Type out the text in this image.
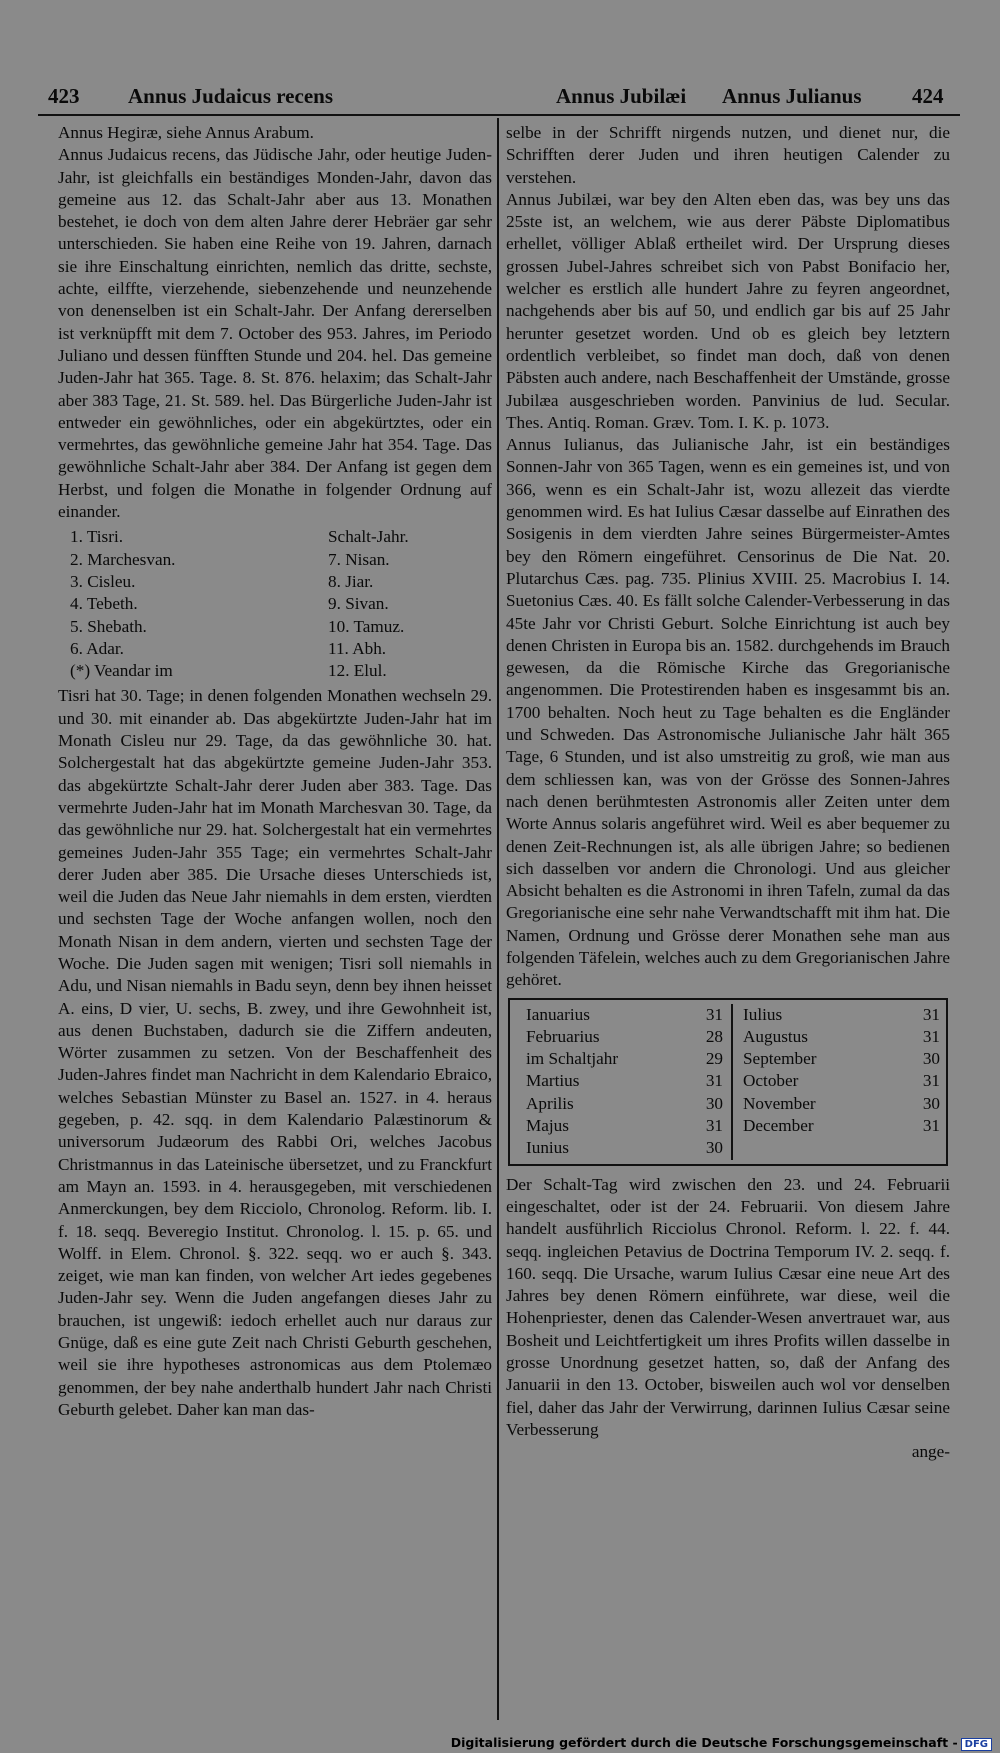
423 Annus Judaicus recens	Annus Jubilæi Annus Julianus 424

Annus Hegiræ, siehe Annus Arabum.

Annus Judaicus recens, das Jüdische Jahr, oder heutige Juden-Jahr, ist gleichfalls ein beständiges Monden-Jahr, davon das gemeine aus 12. das Schalt-Jahr aber aus 13. Monathen bestehet, ie doch von dem alten Jahre derer Hebräer gar sehr unterschieden. Sie haben eine Reihe von 19. Jahren, darnach sie ihre Einschaltung einrichten, nemlich das dritte, sechste, achte, eilffte, vierzehende, siebenzehende und neunzehende von denenselben ist ein Schalt-Jahr. Der Anfang dererselben ist verknüpfft mit dem 7. October des 953. Jahres, im Periodo Juliano und dessen fünfften Stunde und 204. hel. Das gemeine Juden-Jahr hat 365. Tage. 8. St. 876. helaxim; das Schalt-Jahr aber 383 Tage, 21. St. 589. hel. Das Bürgerliche Juden-Jahr ist entweder ein gewöhnliches, oder ein abgekürtztes, oder ein vermehrtes, das gewöhnliche gemeine Jahr hat 354. Tage. Das gewöhnliche Schalt-Jahr aber 384. Der Anfang ist gegen dem Herbst, und folgen die Monathe in folgender Ordnung auf einander.

1. Tisri.	Schalt-Jahr.
2. Marchesvan.	7. Nisan.
3. Cisleu.	8. Jiar.
4. Tebeth.	9. Sivan.
5. Shebath.	10. Tamuz.
6. Adar.	11. Abh.
(*) Veandar im	12. Elul.

Tisri hat 30. Tage; in denen folgenden Monathen wechseln 29. und 30. mit einander ab. Das abgekürtzte Juden-Jahr hat im Monath Cisleu nur 29. Tage, da das gewöhnliche 30. hat. Solchergestalt hat das abgekürtzte gemeine Juden-Jahr 353. das abgekürtzte Schalt-Jahr derer Juden aber 383. Tage. Das vermehrte Juden-Jahr hat im Monath Marchesvan 30. Tage, da das gewöhnliche nur 29. hat. Solchergestalt hat ein vermehrtes gemeines Juden-Jahr 355 Tage; ein vermehrtes Schalt-Jahr derer Juden aber 385. Die Ursache dieses Unterschieds ist, weil die Juden das Neue Jahr niemahls in dem ersten, vierdten und sechsten Tage der Woche anfangen wollen, noch den Monath Nisan in dem andern, vierten und sechsten Tage der Woche. Die Juden sagen mit wenigen; Tisri soll niemahls in Adu, und Nisan niemahls in Badu seyn, denn bey ihnen heisset A. eins, D vier, U. sechs, B. zwey, und ihre Gewohnheit ist, aus denen Buchstaben, dadurch sie die Ziffern andeuten, Wörter zusammen zu setzen. Von der Beschaffenheit des Juden-Jahres findet man Nachricht in dem Kalendario Ebraico, welches Sebastian Münster zu Basel an. 1527. in 4. heraus gegeben, p. 42. sqq. in dem Kalendario Palæstinorum & universorum Judæorum des Rabbi Ori, welches Jacobus Christmannus in das Lateinische übersetzet, und zu Franckfurt am Mayn an. 1593. in 4. herausgegeben, mit verschiedenen Anmerckungen, bey dem Ricciolo, Chronolog. Reform. lib. I. f. 18. seqq. Beveregio Institut. Chronolog. l. 15. p. 65. und Wolff. in Elem. Chronol. §. 322. seqq. wo er auch §. 343. zeiget, wie man kan finden, von welcher Art iedes gegebenes Juden-Jahr sey. Wenn die Juden angefangen dieses Jahr zu brauchen, ist ungewiß: iedoch erhellet auch nur daraus zur Gnüge, daß es eine gute Zeit nach Christi Geburth geschehen, weil sie ihre hypotheses astronomicas aus dem Ptolemæo genommen, der bey nahe anderthalb hundert Jahr nach Christi Geburth gelebet. Daher kan man das-

selbe in der Schrifft nirgends nutzen, und dienet nur, die Schrifften derer Juden und ihren heutigen Calender zu verstehen.

Annus Jubilæi, war bey den Alten eben das, was bey uns das 25ste ist, an welchem, wie aus derer Päbste Diplomatibus erhellet, völliger Ablaß ertheilet wird. Der Ursprung dieses grossen Jubel-Jahres schreibet sich von Pabst Bonifacio her, welcher es erstlich alle hundert Jahre zu feyren angeordnet, nachgehends aber bis auf 50, und endlich gar bis auf 25 Jahr herunter gesetzet worden. Und ob es gleich bey letztern ordentlich verbleibet, so findet man doch, daß von denen Päbsten auch andere, nach Beschaffenheit der Umstände, grosse Jubilæa ausgeschrieben worden. Panvinius de lud. Secular. Thes. Antiq. Roman. Græv. Tom. I. K. p. 1073.

Annus Iulianus, das Julianische Jahr, ist ein beständiges Sonnen-Jahr von 365 Tagen, wenn es ein gemeines ist, und von 366, wenn es ein Schalt-Jahr ist, wozu allezeit das vierdte genommen wird. Es hat Iulius Cæsar dasselbe auf Einrathen des Sosigenis in dem vierdten Jahre seines Bürgermeister-Amtes bey den Römern eingeführet. Censorinus de Die Nat. 20. Plutarchus Cæs. pag. 735. Plinius XVIII. 25. Macrobius I. 14. Suetonius Cæs. 40. Es fällt solche Calender-Verbesserung in das 45te Jahr vor Christi Geburt. Solche Einrichtung ist auch bey denen Christen in Europa bis an. 1582. durchgehends im Brauch gewesen, da die Römische Kirche das Gregorianische angenommen. Die Protestirenden haben es insgesammt bis an. 1700 behalten. Noch heut zu Tage behalten es die Engländer und Schweden. Das Astronomische Julianische Jahr hält 365 Tage, 6 Stunden, und ist also umstreitig zu groß, wie man aus dem schliessen kan, was von der Grösse des Sonnen-Jahres nach denen berühmtesten Astronomis aller Zeiten unter dem Worte Annus solaris angeführet wird. Weil es aber bequemer zu denen Zeit-Rechnungen ist, als alle übrigen Jahre; so bedienen sich dasselben vor andern die Chronologi. Und aus gleicher Absicht behalten es die Astronomi in ihren Tafeln, zumal da das Gregorianische eine sehr nahe Verwandtschafft mit ihm hat. Die Namen, Ordnung und Grösse derer Monathen sehe man aus folgenden Täfelein, welches auch zu dem Gregorianischen Jahre gehöret.

Ianuarius	31
Februarius	28
im Schaltjahr	29
Martius	31
Aprilis	30
Majus	31
Iunius	30
Iulius	31
Augustus	31
September	30
October	31
November	30
December	31

Der Schalt-Tag wird zwischen den 23. und 24. Februarii eingeschaltet, oder ist der 24. Februarii. Von diesem Jahre handelt ausführlich Ricciolus Chronol. Reform. l. 22. f. 44. seqq. ingleichen Petavius de Doctrina Temporum IV. 2. seqq. f. 160. seqq. Die Ursache, warum Iulius Cæsar eine neue Art des Jahres bey denen Römern einführete, war diese, weil die Hohenpriester, denen das Calender-Wesen anvertrauet war, aus Bosheit und Leichtfertigkeit um ihres Profits willen dasselbe in grosse Unordnung gesetzet hatten, so, daß der Anfang des Januarii in den 13. October, bisweilen auch wol vor denselben fiel, daher das Jahr der Verwirrung, darinnen Iulius Cæsar seine Verbesserung

ange-

Digitalisierung gefördert durch die Deutsche Forschungsgemeinschaft - DFG
